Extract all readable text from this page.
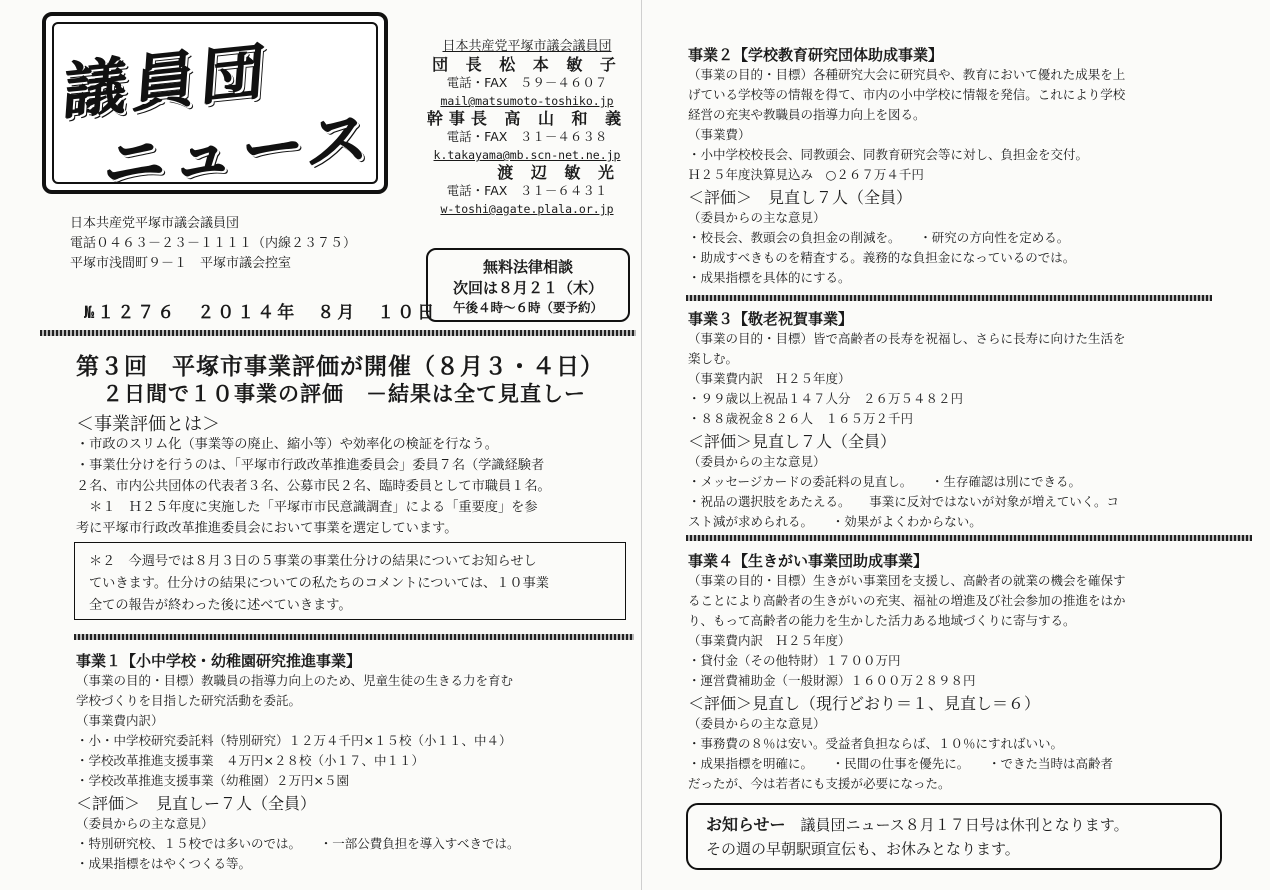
議員団
ニュース
日本共産党平塚市議会議員団
団 長 松 本 敏 子
電話・FAX　５９－４６０７
mail@matsumoto-toshiko.jp
幹事長 高 山 和 義
電話・FAX　３１－４６３８
k.takayama@mb.scn-net.ne.jp
渡 辺 敏 光
電話・FAX　３１－６４３１
w-toshi@agate.plala.or.jp
日本共産党平塚市議会議員団
電話０４６３－２３－１１１１（内線２３７５）
平塚市浅間町９－１　平塚市議会控室	無料法律相談
次回は８月２１（木）
午後４時～６時（要予約）
№１２７６　２０１４年　８月　１０日
第３回　平塚市事業評価が開催（８月３・４日）
２日間で１０事業の評価　－結果は全て見直しー
＜事業評価とは＞
・市政のスリム化（事業等の廃止、縮小等）や効率化の検証を行なう。
・事業仕分けを行うのは、「平塚市行政改革推進委員会」委員７名（学識経験者
２名、市内公共団体の代表者３名、公募市民２名、臨時委員として市職員１名。
　＊１　Ｈ２５年度に実施した「平塚市市民意識調査」による「重要度」を参
考に平塚市行政改革推進委員会において事業を選定しています。
＊２　今週号では８月３日の５事業の事業仕分けの結果についてお知らせし
ていきます。仕分けの結果についての私たちのコメントについては、１０事業
全ての報告が終わった後に述べていきます。
事業１【小中学校・幼稚園研究推進事業】
（事業の目的・目標）教職員の指導力向上のため、児童生徒の生きる力を育む
学校づくりを目指した研究活動を委託。
（事業費内訳）
・小・中学校研究委託料（特別研究）１２万４千円×１５校（小１１、中４）
・学校改革推進支援事業　４万円×２８校（小１７、中１１）
・学校改革推進支援事業（幼稚園）２万円×５園
＜評価＞　見直しー７人（全員）
（委員からの主な意見）
・特別研究校、１５校では多いのでは。　　・一部公費負担を導入すべきでは。
・成果指標をはやくつくる等。
事業２【学校教育研究団体助成事業】
（事業の目的・目標）各種研究大会に研究員や、教育において優れた成果を上
げている学校等の情報を得て、市内の小中学校に情報を発信。これにより学校
経営の充実や教職員の指導力向上を図る。
（事業費）
・小中学校校長会、同教頭会、同教育研究会等に対し、負担金を交付。
Ｈ２５年度決算見込み　○２６７万４千円
＜評価＞　見直し７人（全員）
（委員からの主な意見）
・校長会、教頭会の負担金の削減を。　　・研究の方向性を定める。
・助成すべきものを精査する。義務的な負担金になっているのでは。
・成果指標を具体的にする。
事業３【敬老祝賀事業】
（事業の目的・目標）皆で高齢者の長寿を祝福し、さらに長寿に向けた生活を
楽しむ。
（事業費内訳　Ｈ２５年度）
・９９歳以上祝品１４７人分　２６万５４８２円
・８８歳祝金８２６人　１６５万２千円
＜評価＞見直し７人（全員）
（委員からの主な意見）
・メッセージカードの委託料の見直し。　　・生存確認は別にできる。
・祝品の選択肢をあたえる。　　事業に反対ではないが対象が増えていく。コ
スト減が求められる。　　・効果がよくわからない。
事業４【生きがい事業団助成事業】
（事業の目的・目標）生きがい事業団を支援し、高齢者の就業の機会を確保す
ることにより高齢者の生きがいの充実、福祉の増進及び社会参加の推進をはか
り、もって高齢者の能力を生かした活力ある地域づくりに寄与する。
（事業費内訳　Ｈ２５年度）
・貸付金（その他特財）１７００万円
・運営費補助金（一般財源）１６００万２８９８円
＜評価＞見直し（現行どおり＝１、見直し＝６）
（委員からの主な意見）
・事務費の８％は安い。受益者負担ならば、１０％にすればいい。
・成果指標を明確に。　　・民間の仕事を優先に。　　・できた当時は高齢者
だったが、今は若者にも支援が必要になった。
お知らせー　 議員団ニュース８月１７日号は休刊となります。
その週の早朝駅頭宣伝も、お休みとなります。
